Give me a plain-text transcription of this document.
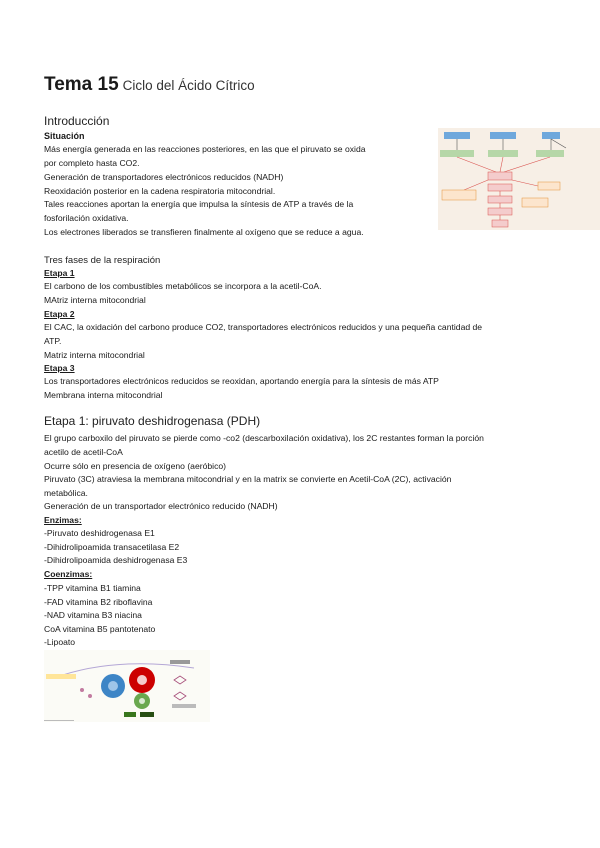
Tema 15 Ciclo del Ácido Cítrico
Introducción
Situación
Más energía generada en las reacciones posteriores, en las que el piruvato se oxida
por completo hasta CO2.
Generación de transportadores electrónicos reducidos (NADH)
Reoxidación posterior en la cadena respiratoria mitocondrial.
Tales reacciones aportan la energía que impulsa la síntesis de ATP a través de la
fosforilación oxidativa.
Los electrones liberados se transfieren finalmente al oxígeno que se reduce a agua.
Tres fases de la respiración
Etapa 1
El carbono de los combustibles metabólicos se incorpora a la acetil-CoA.
MAtriz interna mitocondrial
Etapa 2
El CAC, la oxidación del carbono produce CO2, transportadores electrónicos reducidos y una pequeña cantidad de
ATP.
Matriz interna mitocondrial
Etapa 3
Los transportadores electrónicos reducidos se reoxidan, aportando energía para la síntesis de más ATP
Membrana interna mitocondrial
Etapa 1: piruvato deshidrogenasa (PDH)
El grupo carboxilo del piruvato se pierde como -co2 (descarboxilación oxidativa), los 2C restantes forman la porción
acetilo de acetil-CoA
Ocurre sólo en presencia de oxígeno (aeróbico)
Piruvato (3C) atraviesa la membrana mitocondrial y en la matrix se convierte en Acetil-CoA (2C), activación
metabólica.
Generación de un transportador electrónico reducido (NADH)
Enzimas:
-Piruvato deshidrogenasa E1
-Dihidrolipoamida transacetilasa E2
-Dihidrolipoamida deshidrogenasa E3
Coenzimas:
-TPP vitamina B1 tiamina
-FAD vitamina B2 riboflavina
-NAD vitamina B3 niacina
CoA vitamina B5 pantotenato
-Lipoato
